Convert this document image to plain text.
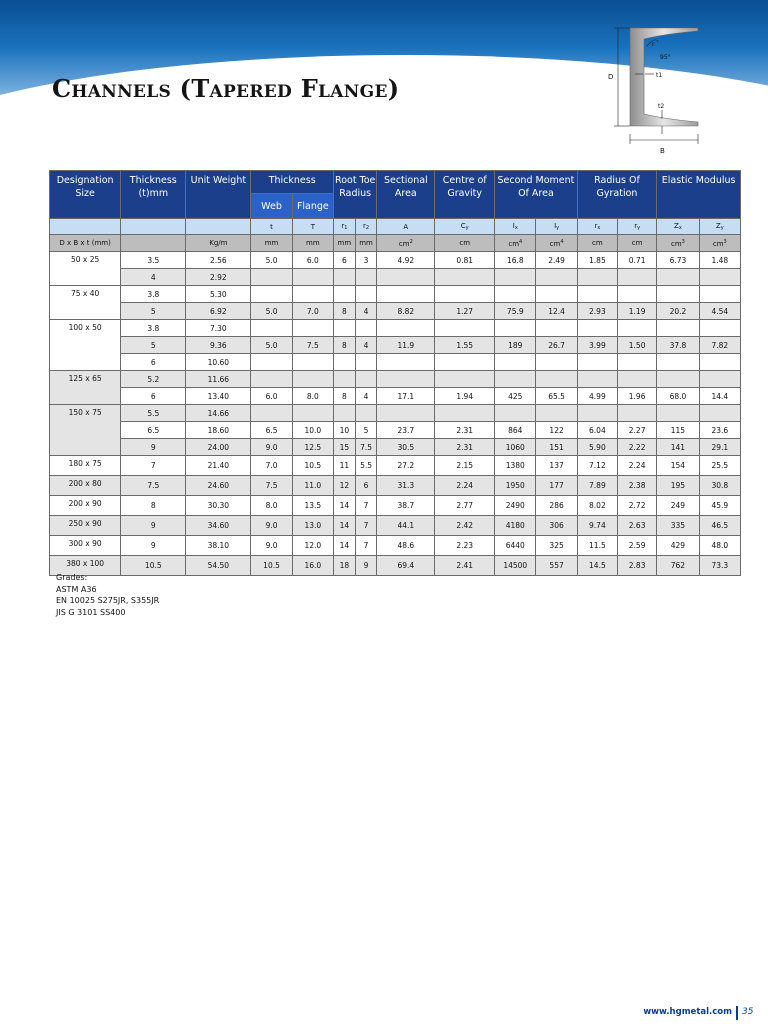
Channels (Tapered Flange)	D
B
r
95°
t1
t2
Designation Size	Thickness (t)mm	Unit Weight	Thickness		Root Toe Radius		Sectional Area	Centre of Gravity	Second Moment Of Area		Radius Of Gyration		Elastic Modulus	
			Web	Flange										
			t	T	$r_1$	$r_2$	A	$C_y$	$I_x$	$I_y$	$r_x$	$r_y$	$Z_x$	$Z_y$
D x B x t (mm)		Kg/m	mm	mm	mm	mm	$cm^2$	cm	$cm^4$	$cm^4$	cm	cm	$cm^3$	$cm^3$
50 x 25	3.5	2.56	5.0	6.0	6	3	4.92	0.81	16.8	2.49	1.85	0.71	6.73	1.48
	4	2.92												
75 x 40	3.8	5.30												
	5	6.92	5.0	7.0	8	4	8.82	1.27	75.9	12.4	2.93	1.19	20.2	4.54
100 x 50	3.8	7.30												
	5	9.36	5.0	7.5	8	4	11.9	1.55	189	26.7	3.99	1.50	37.8	7.82
	6	10.60												
125 x 65	5.2	11.66												
	6	13.40	6.0	8.0	8	4	17.1	1.94	425	65.5	4.99	1.96	68.0	14.4
150 x 75	5.5	14.66												
	6.5	18.60	6.5	10.0	10	5	23.7	2.31	864	122	6.04	2.27	115	23.6
	9	24.00	9.0	12.5	15	7.5	30.5	2.31	1060	151	5.90	2.22	141	29.1
180 x 75	7	21.40	7.0	10.5	11	5.5	27.2	2.15	1380	137	7.12	2.24	154	25.5
200 x 80	7.5	24.60	7.5	11.0	12	6	31.3	2.24	1950	177	7.89	2.38	195	30.8
200 x 90	8	30.30	8.0	13.5	14	7	38.7	2.77	2490	286	8.02	2.72	249	45.9
250 x 90	9	34.60	9.0	13.0	14	7	44.1	2.42	4180	306	9.74	2.63	335	46.5
300 x 90	9	38.10	9.0	12.0	14	7	48.6	2.23	6440	325	11.5	2.59	429	48.0
380 x 100	10.5	54.50	10.5	16.0	18	9	69.4	2.41	14500	557	14.5	2.83	762	73.3
Grades:
ASTM A36
EN 10025 S275JR, S355JR
JIS G 3101 SS400
www.hgmetal.com 35
